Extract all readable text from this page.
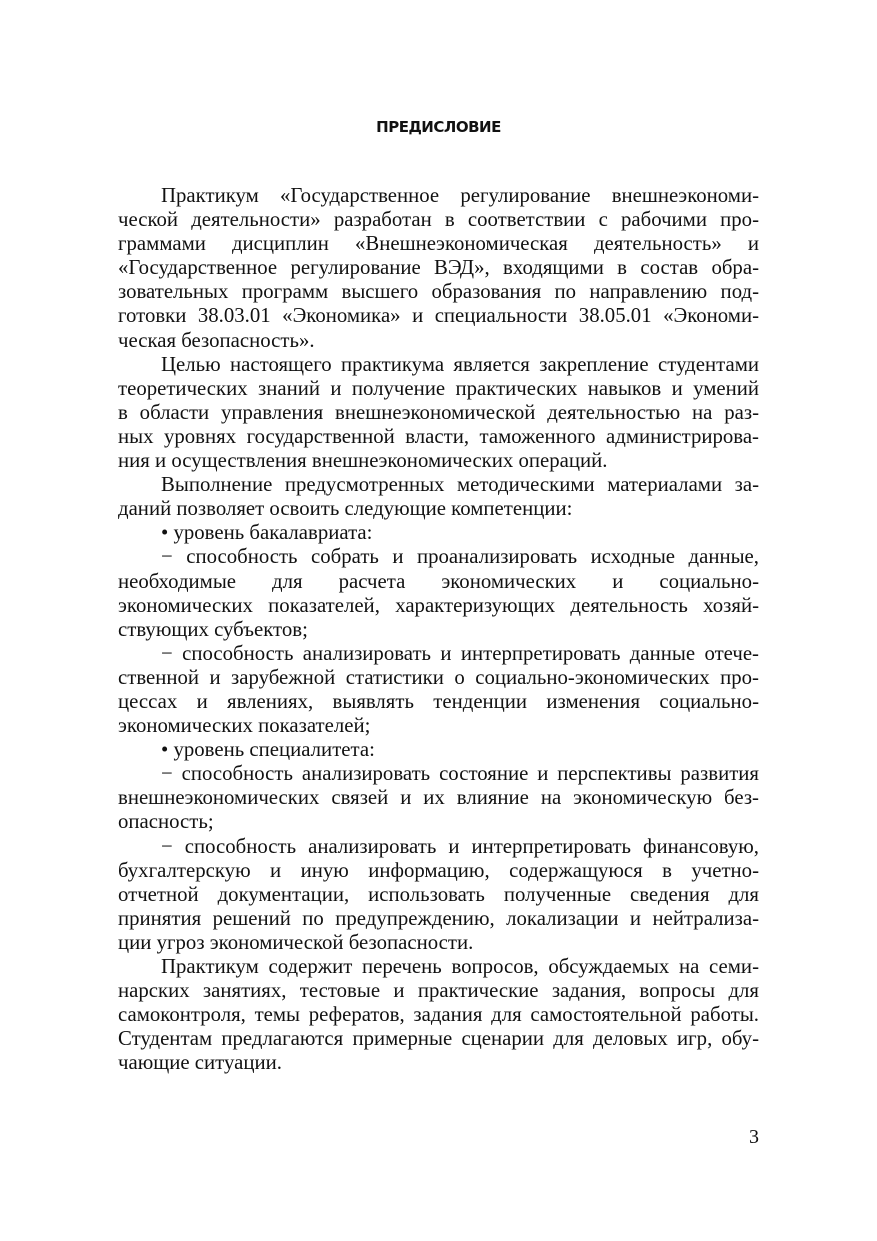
ПРЕДИСЛОВИЕ
Практикум «Государственное регулирование внешнеэкономи-
ческой деятельности» разработан в соответствии с рабочими про-
граммами дисциплин «Внешнеэкономическая деятельность» и
«Государственное регулирование ВЭД», входящими в состав обра-
зовательных программ высшего образования по направлению под-
готовки 38.03.01 «Экономика» и специальности 38.05.01 «Экономи-
ческая безопасность».
Целью настоящего практикума является закрепление студентами
теоретических знаний и получение практических навыков и умений
в области управления внешнеэкономической деятельностью на раз-
ных уровнях государственной власти, таможенного администрирова-
ния и осуществления внешнеэкономических операций.
Выполнение предусмотренных методическими материалами за-
даний позволяет освоить следующие компетенции:
• уровень бакалавриата:
− способность собрать и проанализировать исходные данные,
необходимые для расчета экономических и социально-
экономических показателей, характеризующих деятельность хозяй-
ствующих субъектов;
− способность анализировать и интерпретировать данные отече-
ственной и зарубежной статистики о социально-экономических про-
цессах и явлениях, выявлять тенденции изменения социально-
экономических показателей;
• уровень специалитета:
− способность анализировать состояние и перспективы развития
внешнеэкономических связей и их влияние на экономическую без-
опасность;
− способность анализировать и интерпретировать финансовую,
бухгалтерскую и иную информацию, содержащуюся в учетно-
отчетной документации, использовать полученные сведения для
принятия решений по предупреждению, локализации и нейтрализа-
ции угроз экономической безопасности.
Практикум содержит перечень вопросов, обсуждаемых на семи-
нарских занятиях, тестовые и практические задания, вопросы для
самоконтроля, темы рефератов, задания для самостоятельной работы.
Студентам предлагаются примерные сценарии для деловых игр, обу-
чающие ситуации.
3
